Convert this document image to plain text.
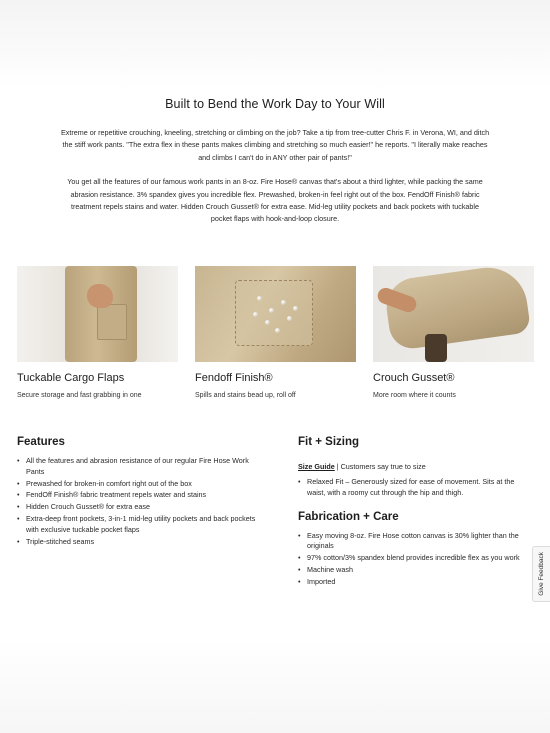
Built to Bend the Work Day to Your Will

Extreme or repetitive crouching, kneeling, stretching or climbing on the job? Take a tip from tree-cutter Chris F. in Verona, WI, and ditch the stiff work pants. "The extra flex in these pants makes climbing and stretching so much easier!" he reports. "I literally make reaches and climbs I can't do in ANY other pair of pants!"

You get all the features of our famous work pants in an 8-oz. Fire Hose® canvas that's about a third lighter, while packing the same abrasion resistance. 3% spandex gives you incredible flex. Prewashed, broken-in feel right out of the box. FendOff Finish® fabric treatment repels stains and water. Hidden Crouch Gusset® for extra ease. Mid-leg utility pockets and back pockets with tuckable pocket flaps with hook-and-loop closure.

Tuckable Cargo Flaps
Secure storage and fast grabbing in one
Fendoff Finish®
Spills and stains bead up, roll off
Crouch Gusset®
More room where it counts
Features
• All the features and abrasion resistance of our regular Fire Hose Work Pants
• Prewashed for broken-in comfort right out of the box
• FendOff Finish® fabric treatment repels water and stains
• Hidden Crouch Gusset® for extra ease
• Extra-deep front pockets, 3-in-1 mid-leg utility pockets and back pockets with exclusive tuckable pocket flaps
• Triple-stitched seams
Fit + Sizing
Size Guide | Customers say true to size
• Relaxed Fit – Generously sized for ease of movement. Sits at the waist, with a roomy cut through the hip and thigh.
Fabrication + Care
• Easy moving 8-oz. Fire Hose cotton canvas is 30% lighter than the originals
• 97% cotton/3% spandex blend provides incredible flex as you work
• Machine wash
• Imported	Give Feedback
